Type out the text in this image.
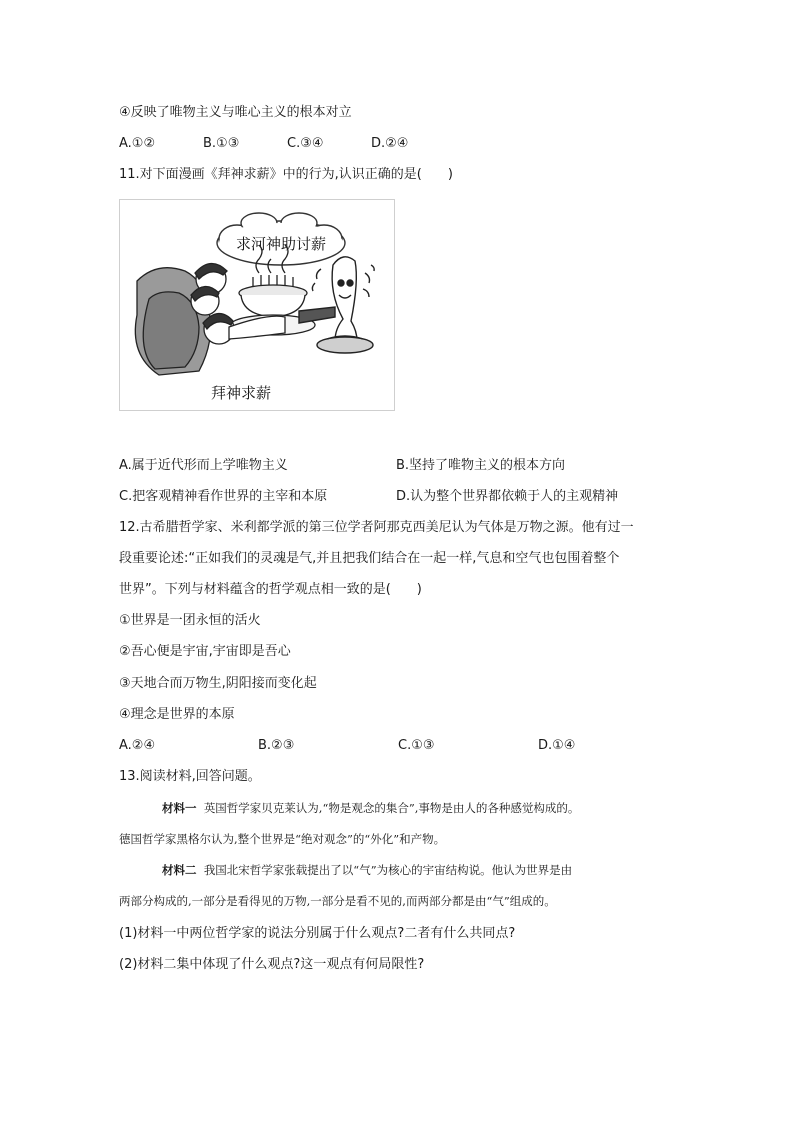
④反映了唯物主义与唯心主义的根本对立
A.①②	B.①③	C.③④	D.②④
11.对下面漫画《拜神求薪》中的行为,认识正确的是(　　)
求河神助讨薪
拜神求薪
A.属于近代形而上学唯物主义	B.坚持了唯物主义的根本方向
C.把客观精神看作世界的主宰和本原	D.认为整个世界都依赖于人的主观精神
12.古希腊哲学家、米利都学派的第三位学者阿那克西美尼认为气体是万物之源。他有过一
段重要论述:“正如我们的灵魂是气,并且把我们结合在一起一样,气息和空气也包围着整个
世界”。下列与材料蕴含的哲学观点相一致的是(　　)
①世界是一团永恒的活火
②吾心便是宇宙,宇宙即是吾心
③天地合而万物生,阴阳接而变化起
④理念是世界的本原
A.②④	B.②③	C.①③	D.①④
13.阅读材料,回答问题。
材料一 英国哲学家贝克莱认为,“物是观念的集合”,事物是由人的各种感觉构成的。
德国哲学家黑格尔认为,整个世界是“绝对观念”的“外化”和产物。
材料二 我国北宋哲学家张载提出了以“气”为核心的宇宙结构说。他认为世界是由
两部分构成的,一部分是看得见的万物,一部分是看不见的,而两部分都是由“气”组成的。
(1)材料一中两位哲学家的说法分别属于什么观点?二者有什么共同点?
(2)材料二集中体现了什么观点?这一观点有何局限性?
